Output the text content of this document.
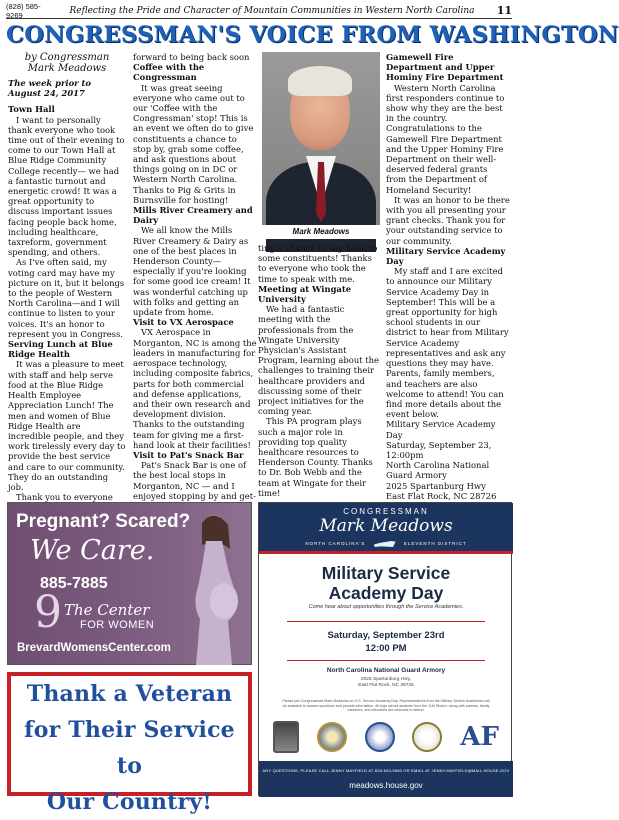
(828) 585-9269	Reflecting the Pride and Character of Mountain Communities in Western North Carolina	11
CONGRESSMAN'S VOICE FROM WASHINGTON
by Congressman
Mark Meadows
The week prior to August 24, 2017
Town Hall

I want to personally thank everyone who took time out of their evening to come to our Town Hall at Blue Ridge Community College recently— we had a fantastic turnout and energetic crowd! It was a great opportunity to discuss important issues facing people back home, including healthcare, taxreform, government spending, and others.

As I've often said, my voting card may have my picture on it, but it belongs to the people of Western North Carolina—and I will continue to listen to your voices. It's an honor to represent you in Congress.

Serving Lunch at Blue Ridge Health

It was a pleasure to meet with staff and help serve food at the Blue Ridge Health Employee Appreciation Lunch! The men and women of Blue Ridge Health are incredible people, and they work tirelessly every day to provide the best service and care to our community. They do an outstanding job.

Thank you to everyone

forward to being back soon

Coffee with the Congressman

It was great seeing everyone who came out to our 'Coffee with the Congressman' stop! This is an event we often do to give constituents a chance to stop by, grab some coffee, and ask questions about things going on in DC or Western North Carolina. Thanks to Pig & Grits in Burnsville for hosting!

Mills River Creamery and Dairy

We all know the Mills River Creamery & Dairy as one of the best places in Henderson County— especially if you're looking for some good ice cream! It was wonderful catching up with folks and getting an update from home.

Visit to VX Aerospace

VX Aerospace in Morganton, NC is among the leaders in manufacturing for aerospace technology, including composite fabrics, parts for both commercial and defense applications, and their own research and development division. Thanks to the outstanding team for giving me a first-hand look at their facilities!

Visit to Pat's Snack Bar

Pat's Snack Bar is one of the best local stops in Morganton, NC — and I enjoyed stopping by and get-

Mark Meadows

ting a chance to say hello to some constituents! Thanks to everyone who took the time to speak with me.

Meeting at Wingate University

We had a fantastic meeting with the professionals from the Wingate University Physician's Assistant Program, learning about the challenges to training their healthcare providers and discussing some of their project initiatives for the coming year.

This PA program plays such a major role in providing top quality healthcare resources to Henderson County. Thanks to Dr. Bob Webb and the team at Wingate for their time!

Gamewell Fire Department and Upper Hominy Fire Department

Western North Carolina first responders continue to show why they are the best in the country. Congratulations to the Gamewell Fire Department and the Upper Hominy Fire Department on their well-deserved federal grants from the Department of Homeland Security!

It was an honor to be there with you all presenting your grant checks. Thank you for your outstanding service to our community.

Military Service Academy Day

My staff and I are excited to announce our Military Service Academy Day in September! This will be a great opportunity for high school students in our district to hear from Military Service Academy representatives and ask any questions they may have. Parents, family members, and teachers are also welcome to attend! You can find more details about the event below.

Military Service Academy Day

Saturday, September 23, 12:00pm

North Carolina National Guard Armory

2025 Spartanburg Hwy

East Flat Rock, NC 28726

Pregnant? Scared?
We Care.
885-7885
9 The Center
FOR WOMEN
BrevardWomensCenter.com
Thank a Veteran
for Their Service to
Our Country!
CONGRESSMAN
Mark Meadows
NORTH CAROLINA'S	ELEVENTH DISTRICT
Military Service
Academy Day
Come hear about opportunities through the Service Academies.
Saturday, September 23rd
12:00 PM
North Carolina National Guard Armory
2025 Spartanburg Hwy,
East Flat Rock, NC 28726
Please join Congressman Mark Meadows on U.S. Service Academy Day. Representatives from the Military Service Academies will be available to answer questions and provide information. All high school students from the 11th District, along with parents, family members, and educators are welcome to attend.
AF
ANY QUESTIONS, PLEASE CALL JENNY MAYFIELD AT 828-693-5660 OR EMAIL AT JENNY.MAYFIELD@MAIL.HOUSE.GOV
meadows.house.gov
